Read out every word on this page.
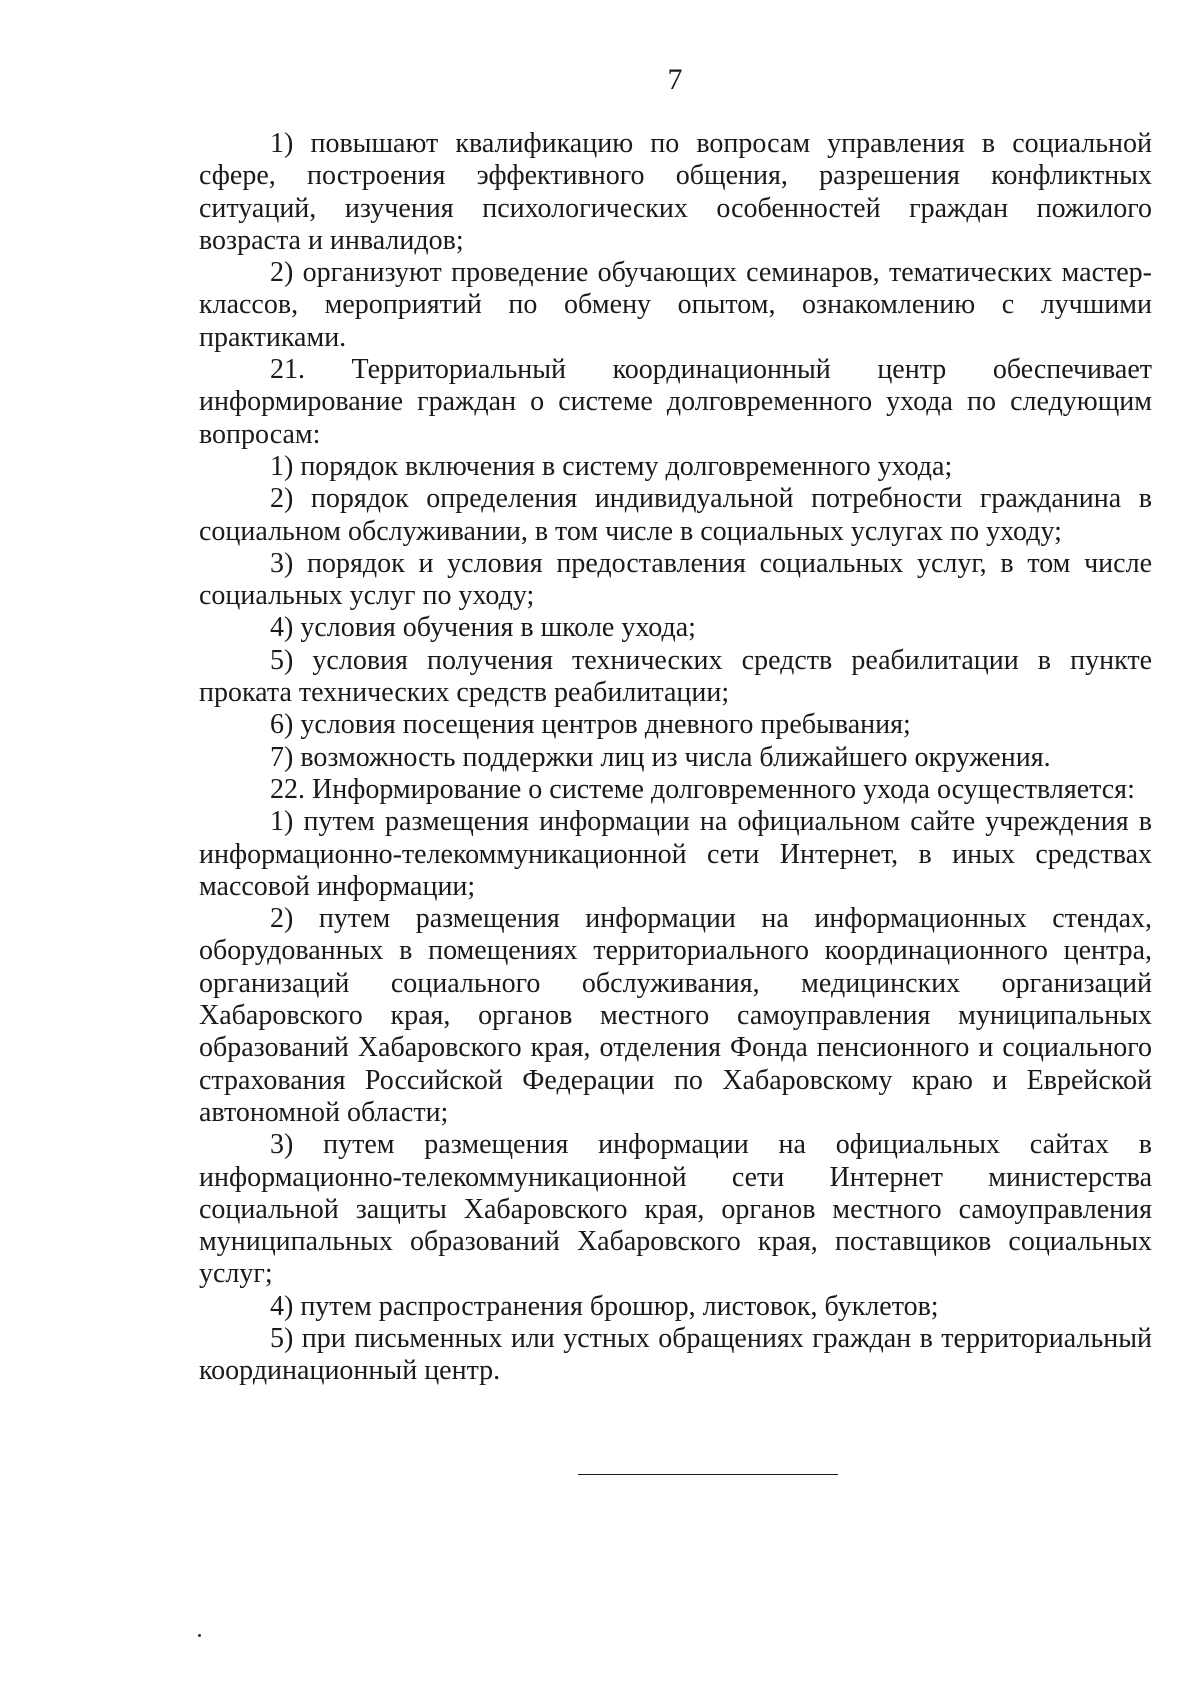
7

1) повышают квалификацию по вопросам управления в социальной сфере, построения эффективного общения, разрешения конфликтных ситуаций, изучения психологических особенностей граждан пожилого возраста и инвалидов;

2) организуют проведение обучающих семинаров, тематических мастер-классов, мероприятий по обмену опытом, ознакомлению с лучшими практиками.

21. Территориальный координационный центр обеспечивает информирование граждан о системе долговременного ухода по следующим вопросам:

1) порядок включения в систему долговременного ухода;

2) порядок определения индивидуальной потребности гражданина в социальном обслуживании, в том числе в социальных услугах по уходу;

3) порядок и условия предоставления социальных услуг, в том числе социальных услуг по уходу;

4) условия обучения в школе ухода;

5) условия получения технических средств реабилитации в пункте проката технических средств реабилитации;

6) условия посещения центров дневного пребывания;

7) возможность поддержки лиц из числа ближайшего окружения.

22. Информирование о системе долговременного ухода осуществляется:

1) путем размещения информации на официальном сайте учреждения в информационно-телекоммуникационной сети Интернет, в иных средствах массовой информации;

2) путем размещения информации на информационных стендах, оборудованных в помещениях территориального координационного центра, организаций социального обслуживания, медицинских организаций Хабаровского края, органов местного самоуправления муниципальных образований Хабаровского края, отделения Фонда пенсионного и социального страхования Российской Федерации по Хабаровскому краю и Еврейской автономной области;

3) путем размещения информации на официальных сайтах в информационно-телекоммуникационной сети Интернет министерства социальной защиты Хабаровского края, органов местного самоуправления муниципальных образований Хабаровского края, поставщиков социальных услуг;

4) путем распространения брошюр, листовок, буклетов;

5) при письменных или устных обращениях граждан в территориальный координационный центр.
